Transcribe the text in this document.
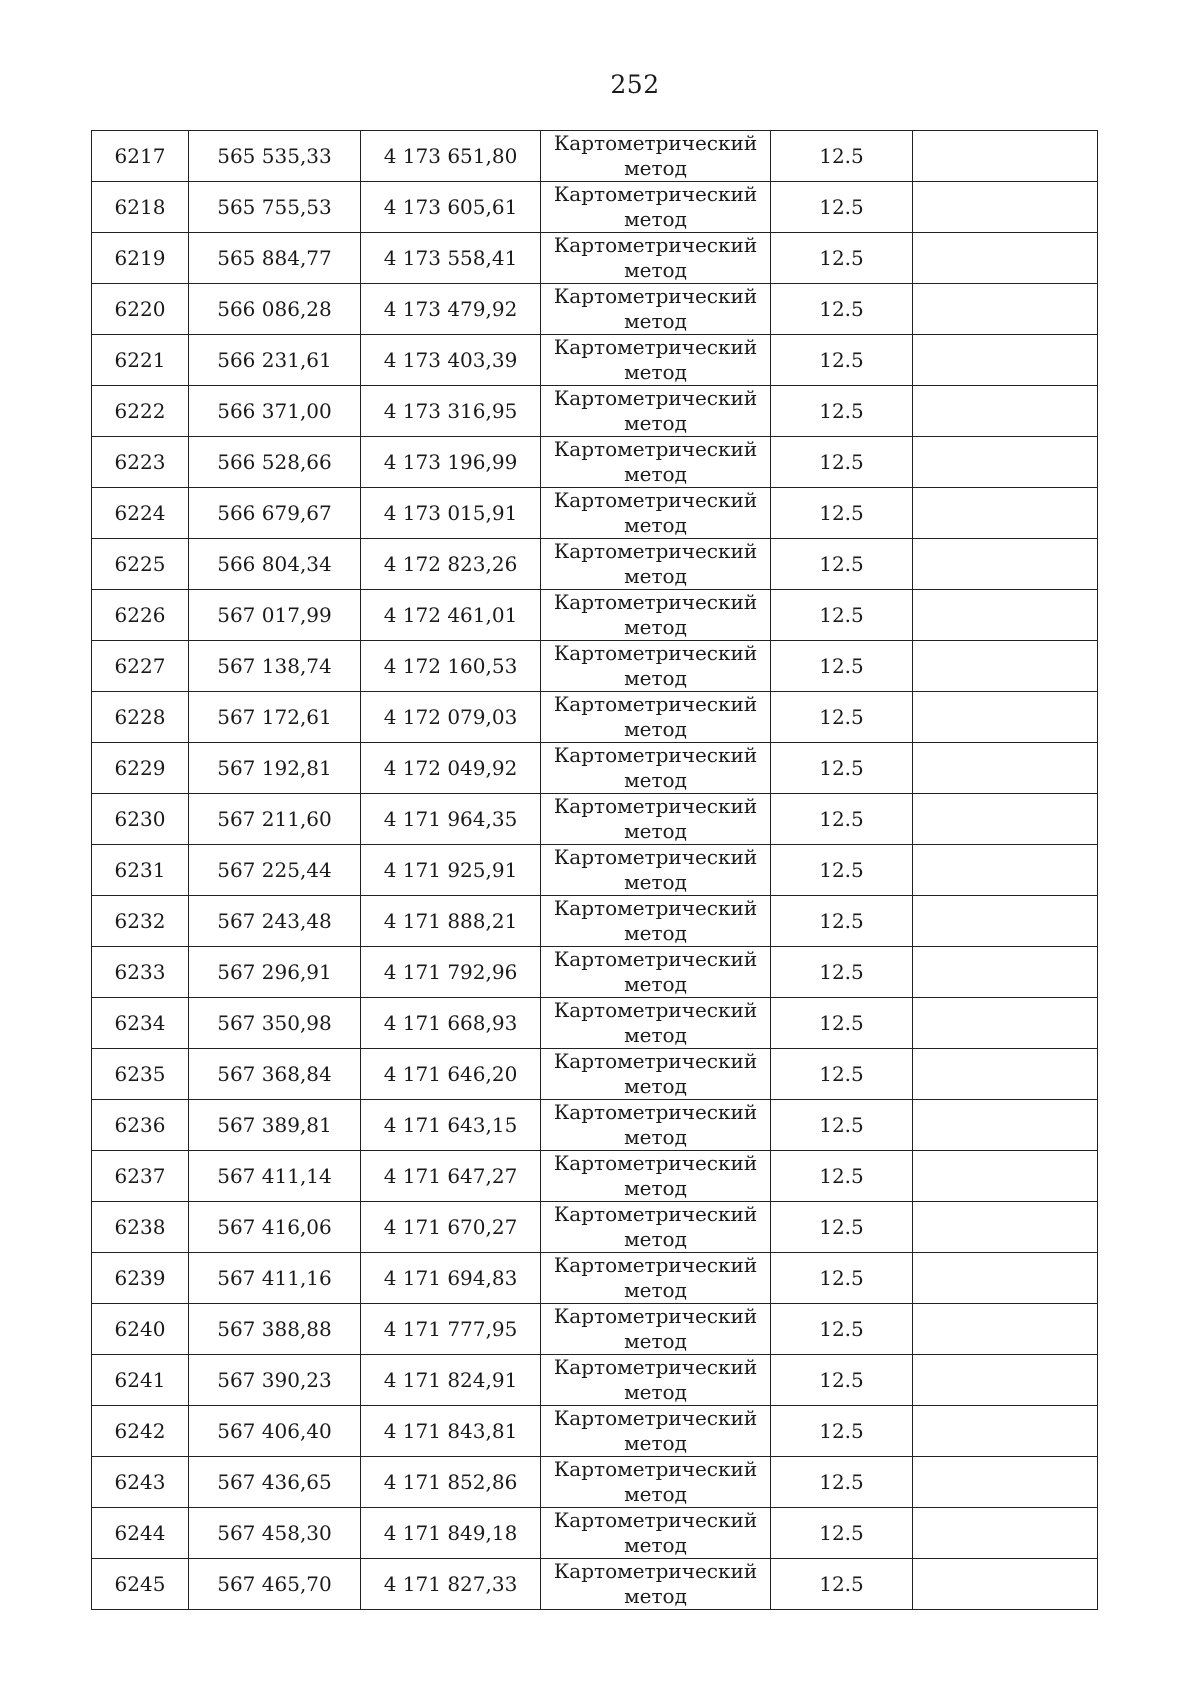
252
6217	565 535,33	4 173 651,80	Картометрический
метод	12.5	
6218	565 755,53	4 173 605,61	Картометрический
метод	12.5	
6219	565 884,77	4 173 558,41	Картометрический
метод	12.5	
6220	566 086,28	4 173 479,92	Картометрический
метод	12.5	
6221	566 231,61	4 173 403,39	Картометрический
метод	12.5	
6222	566 371,00	4 173 316,95	Картометрический
метод	12.5	
6223	566 528,66	4 173 196,99	Картометрический
метод	12.5	
6224	566 679,67	4 173 015,91	Картометрический
метод	12.5	
6225	566 804,34	4 172 823,26	Картометрический
метод	12.5	
6226	567 017,99	4 172 461,01	Картометрический
метод	12.5	
6227	567 138,74	4 172 160,53	Картометрический
метод	12.5	
6228	567 172,61	4 172 079,03	Картометрический
метод	12.5	
6229	567 192,81	4 172 049,92	Картометрический
метод	12.5	
6230	567 211,60	4 171 964,35	Картометрический
метод	12.5	
6231	567 225,44	4 171 925,91	Картометрический
метод	12.5	
6232	567 243,48	4 171 888,21	Картометрический
метод	12.5	
6233	567 296,91	4 171 792,96	Картометрический
метод	12.5	
6234	567 350,98	4 171 668,93	Картометрический
метод	12.5	
6235	567 368,84	4 171 646,20	Картометрический
метод	12.5	
6236	567 389,81	4 171 643,15	Картометрический
метод	12.5	
6237	567 411,14	4 171 647,27	Картометрический
метод	12.5	
6238	567 416,06	4 171 670,27	Картометрический
метод	12.5	
6239	567 411,16	4 171 694,83	Картометрический
метод	12.5	
6240	567 388,88	4 171 777,95	Картометрический
метод	12.5	
6241	567 390,23	4 171 824,91	Картометрический
метод	12.5	
6242	567 406,40	4 171 843,81	Картометрический
метод	12.5	
6243	567 436,65	4 171 852,86	Картометрический
метод	12.5	
6244	567 458,30	4 171 849,18	Картометрический
метод	12.5	
6245	567 465,70	4 171 827,33	Картометрический
метод	12.5	
